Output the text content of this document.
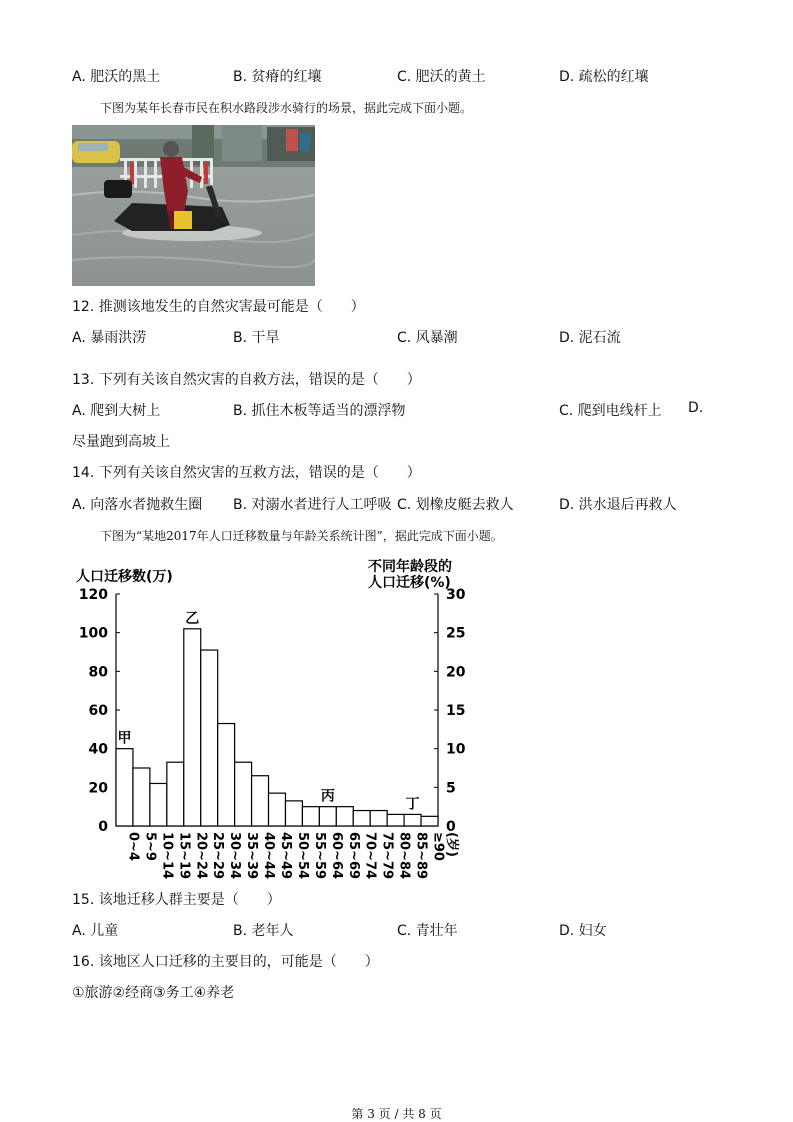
A. 肥沃的黑土	B. 贫瘠的红壤	C. 肥沃的黄土	D. 疏松的红壤
下图为某年长春市民在积水路段涉水骑行的场景，据此完成下面小题。
12. 推测该地发生的自然灾害最可能是（　　）
A. 暴雨洪涝	B. 干旱	C. 风暴潮	D. 泥石流
13. 下列有关该自然灾害的自救方法，错误的是（　　）
A. 爬到大树上	B. 抓住木板等适当的漂浮物	C. 爬到电线杆上 D.
尽量跑到高坡上
14. 下列有关该自然灾害的互救方法，错误的是（　　）
A. 向落水者抛救生圈 B. 对溺水者进行人工呼吸 C. 划橡皮艇去救人	D. 洪水退后再救人
下图为“某地2017年人口迁移数量与年龄关系统计图”，据此完成下面小题。
人口迁移数(万)
不同年龄段的
人口迁移(%)
0
20
40
60
80
100
120
0
5
10
15
20
25
30
0~4 5~9 10~14 15~19 20~24 25~29 30~34 35~39 40~44 45~49 50~54 55~59 60~64 65~69 70~74 75~79 80~84 85~89 ≥90
(岁)
甲
乙
丙	丁
15. 该地迁移人群主要是（　　）
A. 儿童	B. 老年人	C. 青壮年	D. 妇女
16. 该地区人口迁移的主要目的，可能是（　　）
①旅游②经商③务工④养老
第 3 页 / 共 8 页
